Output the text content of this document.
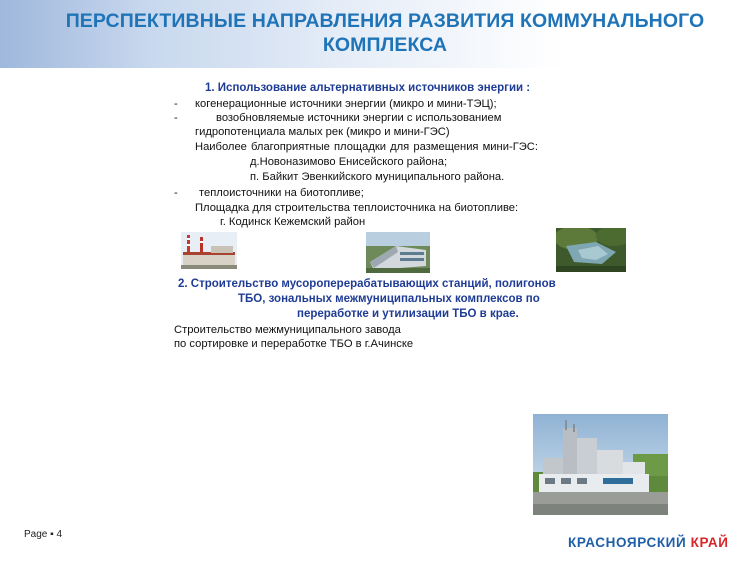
ПЕРСПЕКТИВНЫЕ НАПРАВЛЕНИЯ РАЗВИТИЯ КОММУНАЛЬНОГО
КОМПЛЕКСА
1. Использование альтернативных источников энергии :
- когенерационные источники энергии (микро и мини-ТЭЦ);
-	возобновляемые источники энергии с использованием
гидропотенциала малых рек (микро и мини-ГЭС)
Наиболее благоприятные площадки для размещения мини-ГЭС:
д.Новоназимово Енисейского района;
п. Байкит Эвенкийского муниципального района.
- теплоисточники на биотопливе;
Площадка для строительства теплоисточника на биотопливе:
г. Кодинск Кежемский район
2. Строительство мусороперерабатывающих станций, полигонов
ТБО, зональных межмуниципальных комплексов по
переработке и утилизации ТБО в крае.
Строительство межмуниципального завода
по сортировке и переработке ТБО в г.Ачинске
Page ▪ 4
КРАСНОЯРСКИЙ КРАЙ
